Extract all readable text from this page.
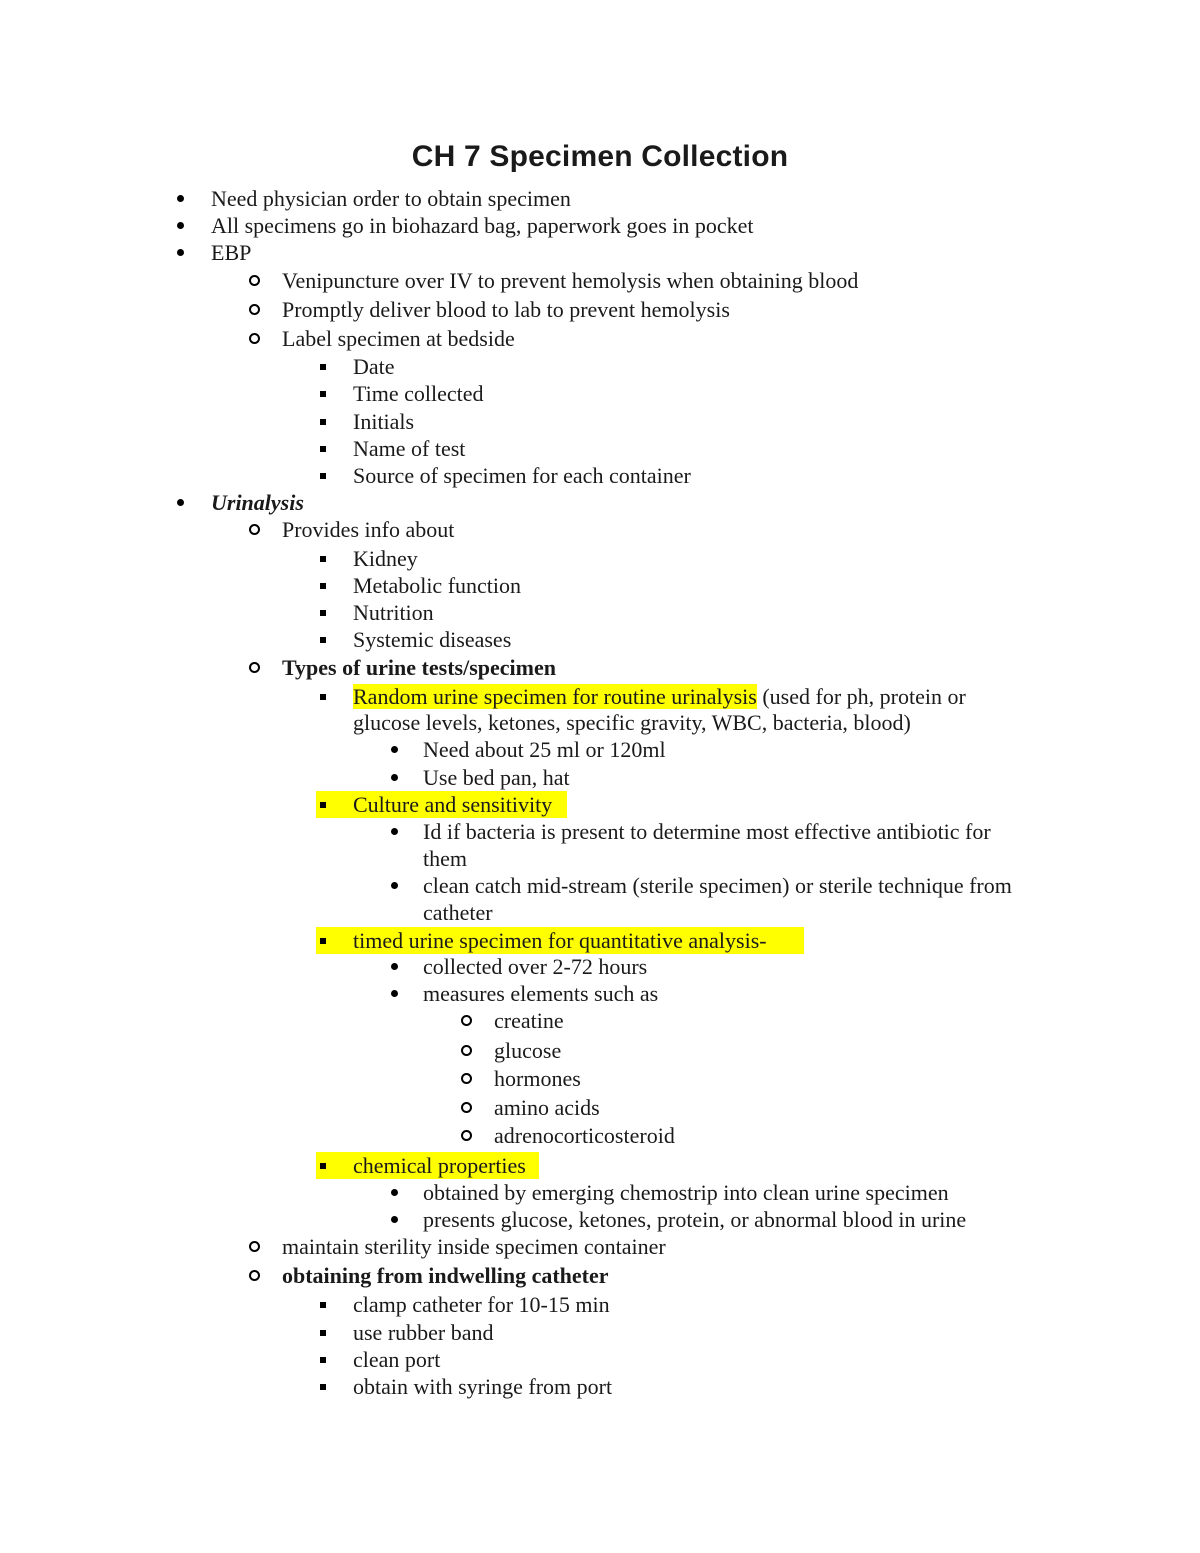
CH 7 Specimen Collection
Need physician order to obtain specimen
All specimens go in biohazard bag, paperwork goes in pocket
EBP
Venipuncture over IV to prevent hemolysis when obtaining blood
Promptly deliver blood to lab to prevent hemolysis
Label specimen at bedside
Date
Time collected
Initials
Name of test
Source of specimen for each container
Urinalysis
Provides info about
Kidney
Metabolic function
Nutrition
Systemic diseases
Types of urine tests/specimen
Random urine specimen for routine urinalysis (used for ph, protein or
glucose levels, ketones, specific gravity, WBC, bacteria, blood)
Need about 25 ml or 120ml
Use bed pan, hat
Culture and sensitivity
Id if bacteria is present to determine most effective antibiotic for
them
clean catch mid-stream (sterile specimen) or sterile technique from
catheter
timed urine specimen for quantitative analysis-
collected over 2-72 hours
measures elements such as
creatine
glucose
hormones
amino acids
adrenocorticosteroid
chemical properties
obtained by emerging chemostrip into clean urine specimen
presents glucose, ketones, protein, or abnormal blood in urine
maintain sterility inside specimen container
obtaining from indwelling catheter
clamp catheter for 10-15 min
use rubber band
clean port
obtain with syringe from port
